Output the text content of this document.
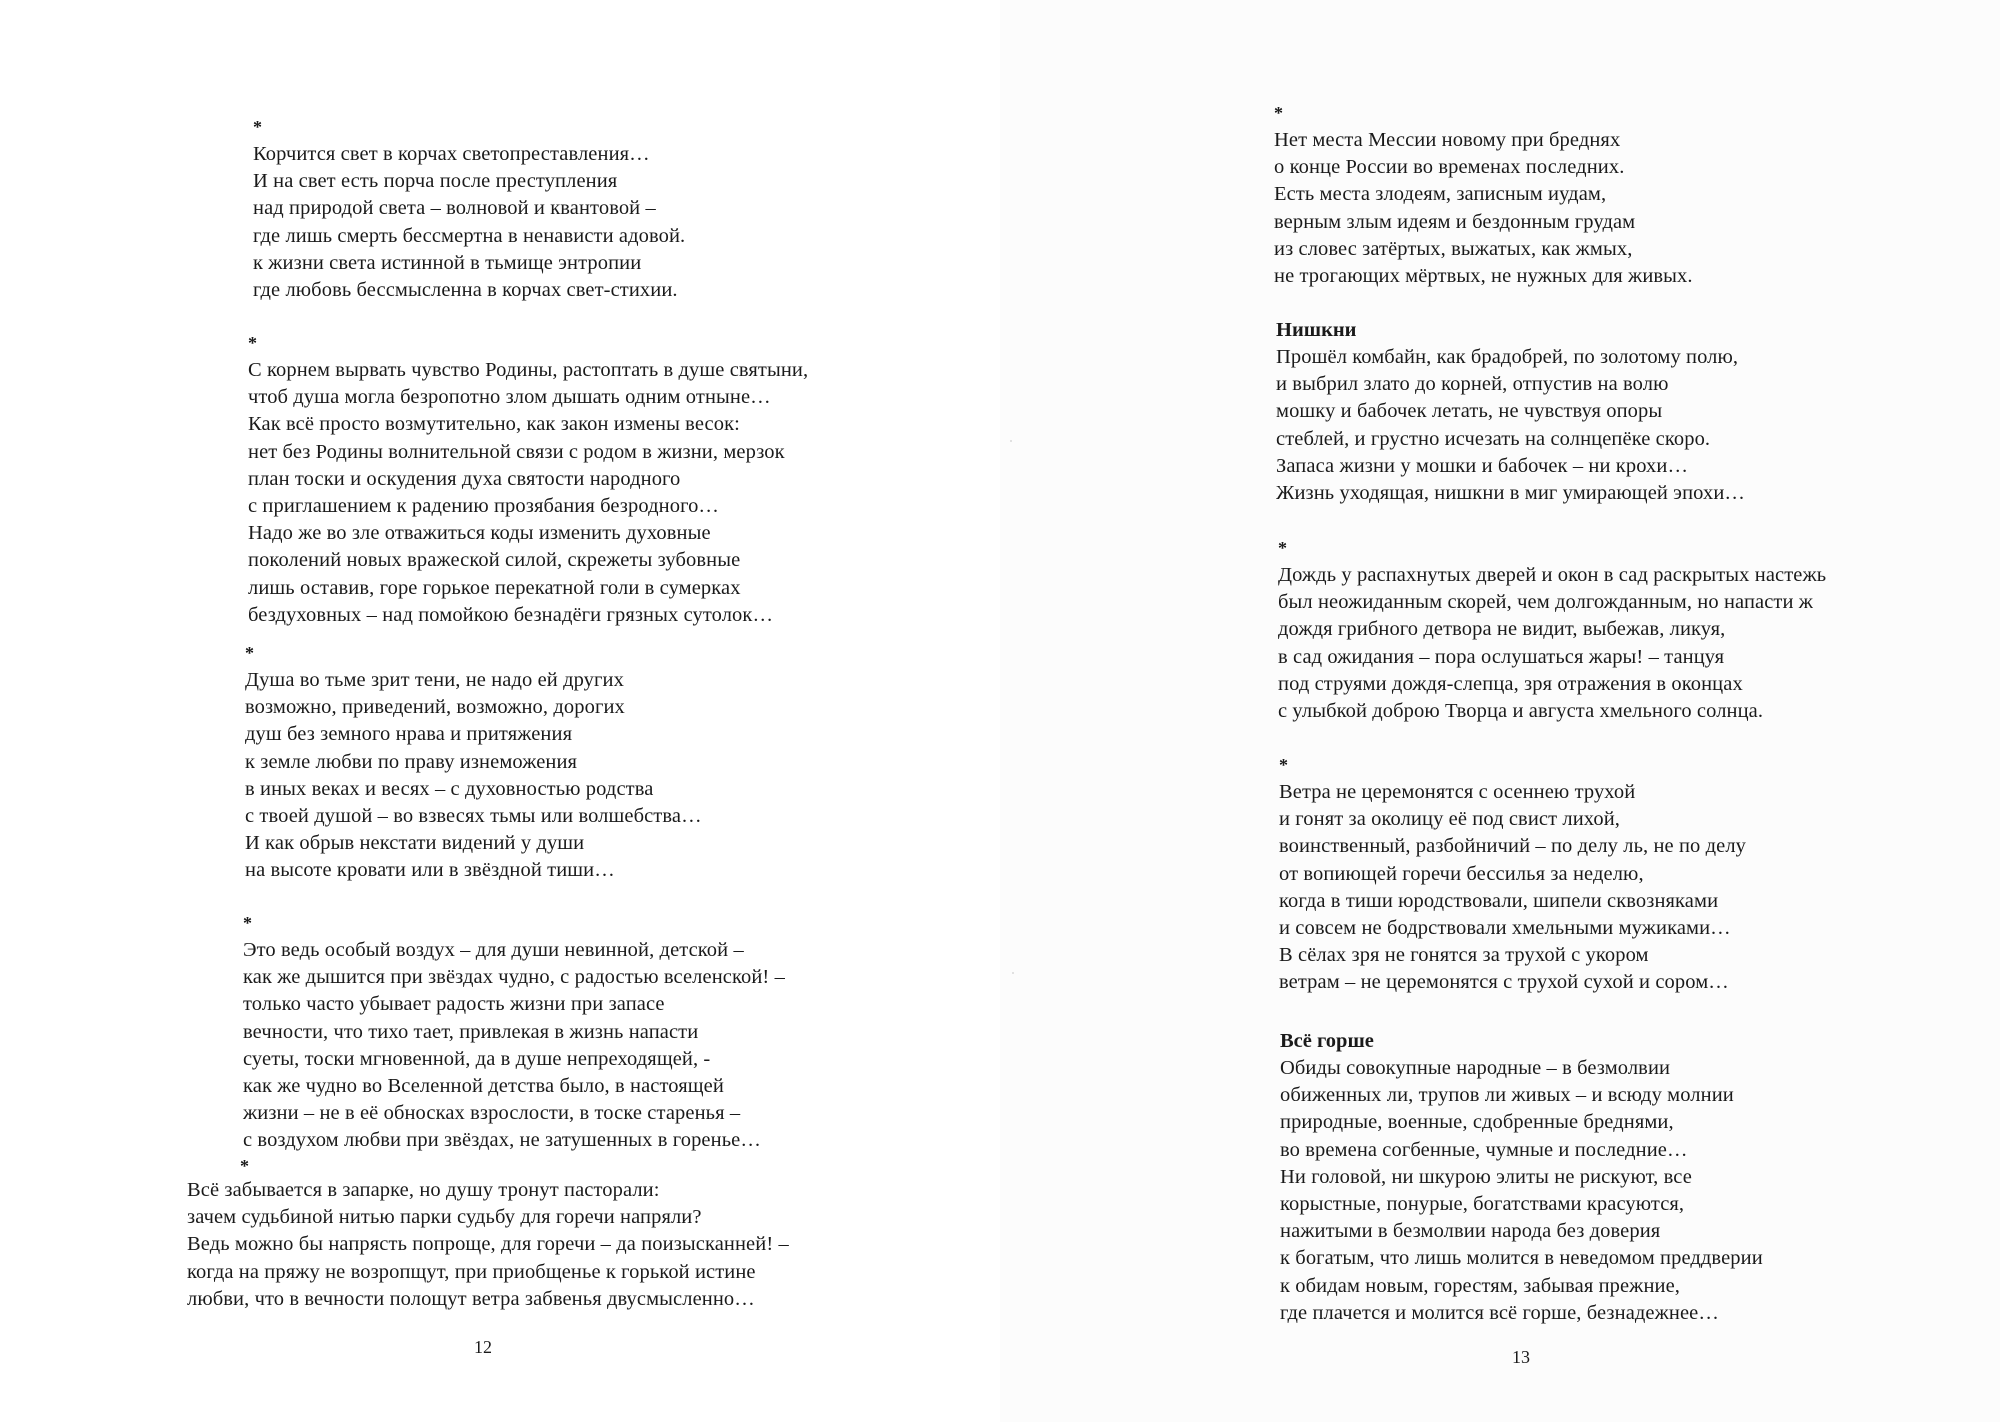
*
Корчится свет в корчах светопреставления…
И на свет есть порча после преступления
над природой света – волновой и квантовой –
где лишь смерть бессмертна в ненависти адовой.
к жизни света истинной в тьмище энтропии
где любовь бессмысленна в корчах свет-стихии.
*
С корнем вырвать чувство Родины, растоптать в душе святыни,
чтоб душа могла безропотно злом дышать одним отныне…
Как всё просто возмутительно, как закон измены весок:
нет без Родины волнительной связи с родом в жизни, мерзок
план тоски и оскудения духа святости народного
с приглашением к радению прозябания безродного…
Надо же во зле отважиться коды изменить духовные
поколений новых вражеской силой, скрежеты зубовные
лишь оставив, горе горькое перекатной голи в сумерках
бездуховных – над помойкою безнадёги грязных сутолок…
*
Душа во тьме зрит тени, не надо ей других
возможно, приведений, возможно, дорогих
душ без земного нрава и притяжения
к земле любви по праву изнеможения
в иных веках и весях – с духовностью родства
с твоей душой – во взвесях тьмы или волшебства…
И как обрыв некстати видений у души
на высоте кровати или в звёздной тиши…
*
Это ведь особый воздух – для души невинной, детской –
как же дышится при звёздах чудно, с радостью вселенской! –
только часто убывает радость жизни при запасе
вечности, что тихо тает, привлекая в жизнь напасти
суеты, тоски мгновенной, да в душе непреходящей, -
как же чудно во Вселенной детства было, в настоящей
жизни – не в её обносках взрослости, в тоске старенья –
с воздухом любви при звёздах, не затушенных в горенье…
*
Всё забывается в запарке, но душу тронут пасторали:
зачем судьбиной нитью парки судьбу для горечи напряли?
Ведь можно бы напрясть попроще, для горечи – да поизысканней! –
когда на пряжу не возропщут, при приобщенье к горькой истине
любви, что в вечности полощут ветра забвенья двусмысленно…
12
*
Нет места Мессии новому при бреднях
о конце России во временах последних.
Есть места злодеям, записным иудам,
верным злым идеям и бездонным грудам
из словес затёртых, выжатых, как жмых,
не трогающих мёртвых, не нужных для живых.
Нишкни
Прошёл комбайн, как брадобрей, по золотому полю,
и выбрил злато до корней, отпустив на волю
мошку и бабочек летать, не чувствуя опоры
стеблей, и грустно исчезать на солнцепёке скоро.
Запаса жизни у мошки и бабочек – ни крохи…
Жизнь уходящая, нишкни в миг умирающей эпохи…
*
Дождь у распахнутых дверей и окон в сад раскрытых настежь
был неожиданным скорей, чем долгожданным, но напасти ж
дождя грибного детвора не видит, выбежав, ликуя,
в сад ожидания – пора ослушаться жары! – танцуя
под струями дождя-слепца, зря отражения в оконцах
с улыбкой доброю Творца и августа хмельного солнца.
*
Ветра не церемонятся с осеннею трухой
и гонят за околицу её под свист лихой,
воинственный, разбойничий – по делу ль, не по делу
от вопиющей горечи бессилья за неделю,
когда в тиши юродствовали, шипели сквозняками
и совсем не бодрствовали хмельными мужиками…
В сёлах зря не гонятся за трухой с укором
ветрам – не церемонятся с трухой сухой и сором…
Всё горше
Обиды совокупные народные – в безмолвии
обиженных ли, трупов ли живых – и всюду молнии
природные, военные, сдобренные бреднями,
во времена согбенные, чумные и последние…
Ни головой, ни шкурою элиты не рискуют, все
корыстные, понурые, богатствами красуются,
нажитыми в безмолвии народа без доверия
к богатым, что лишь молится в неведомом преддверии
к обидам новым, горестям, забывая прежние,
где плачется и молится всё горше, безнадежнее…
13
